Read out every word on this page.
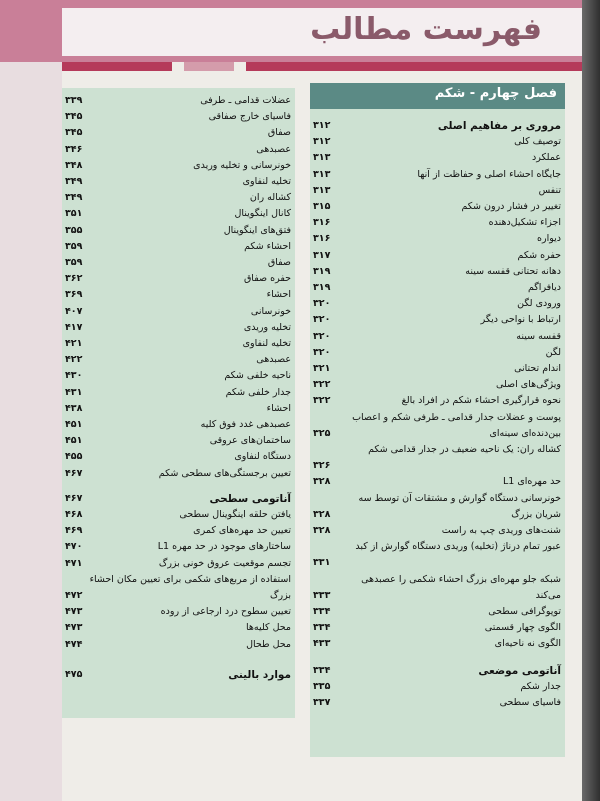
فهرست مطالب
عضلات قدامی ـ طرفی
۳۳۹
فاسیای خارج صفاقی
۳۴۵
صفاق
۳۴۵
عصبدهی
۳۴۶
خونرسانی و تخلیه وریدی
۳۴۸
تخلیه لنفاوی
۳۴۹
کشاله ران
۳۴۹
کانال اینگوینال
۳۵۱
فتق‌های اینگوینال
۳۵۵
احشاء شکم
۳۵۹
صفاق
۳۵۹
حفره صفاق
۳۶۲
احشاء
۳۶۹
خونرسانی
۴۰۷
تخلیه وریدی
۴۱۷
تخلیه لنفاوی
۴۲۱
عصبدهی
۴۲۲
ناحیه خلفی شکم
۴۳۰
جدار خلفی شکم
۴۳۱
احشاء
۴۳۸
عصبدهی غدد فوق کلیه
۴۵۱
ساختمان‌های عروقی
۴۵۱
دستگاه لنفاوی
۴۵۵
تعیین برجستگی‌های سطحی شکم
۴۶۷
آناتومی سطحی
۴۶۷
یافتن حلقه اینگوینال سطحی
۴۶۸
تعیین حد مهره‌های کمری
۴۶۹
ساختارهای موجود در حد مهره L1
۴۷۰
تجسم موقعیت عروق خونی بزرگ
۴۷۱
استفاده از مربع‌های شکمی برای تعیین مکان احشاء
بزرگ
۴۷۲
تعیین سطوح درد ارجاعی از روده
۴۷۳
محل کلیه‌ها
۴۷۳
محل طحال
۴۷۴
موارد بالینی
۴۷۵
مروری بر مفاهیم اصلی
۳۱۲
توصیف کلی
۳۱۲
عملکرد
۳۱۳
جایگاه احشاء اصلی و حفاظت از آنها
۳۱۳
تنفس
۳۱۳
تغییر در فشار درون شکم
۳۱۵
اجزاء تشکیل‌دهنده
۳۱۶
دیواره
۳۱۶
حفره شکم
۳۱۷
دهانه تحتانی قفسه سینه
۳۱۹
دیافراگم
۳۱۹
ورودی لگن
۳۲۰
ارتباط با نواحی دیگر
۳۲۰
قفسه سینه
۳۲۰
لگن
۳۲۰
اندام تحتانی
۳۲۱
ویژگی‌های اصلی
۳۲۲
نحوه قرارگیری احشاء شکم در افراد بالغ
۳۲۲
پوست و عضلات جدار قدامی ـ طرفی شکم و اعصاب
بین‌دنده‌ای سینه‌ای
۳۲۵
کشاله ران: یک ناحیه ضعیف در جدار قدامی شکم
۳۲۶
حد مهره‌ای L1
۳۲۸
خونرسانی دستگاه گوارش و مشتقات آن توسط سه
شریان بزرگ
۳۲۸
شنت‌های وریدی چپ به راست
۳۲۸
عبور تمام درناژ (تخلیه) وریدی دستگاه گوارش از کبد
۳۳۱
شبکه جلو مهره‌ای بزرگ احشاء شکمی را عصبدهی
می‌کند
۳۳۳
توپوگرافی سطحی
۳۳۴
الگوی چهار قسمتی
۳۳۴
الگوی نه ناحیه‌ای
۴۳۳
آناتومی موضعی
۳۳۴
جدار شکم
۳۳۵
فاسیای سطحی
۳۳۷
فصل چهارم - شکم
